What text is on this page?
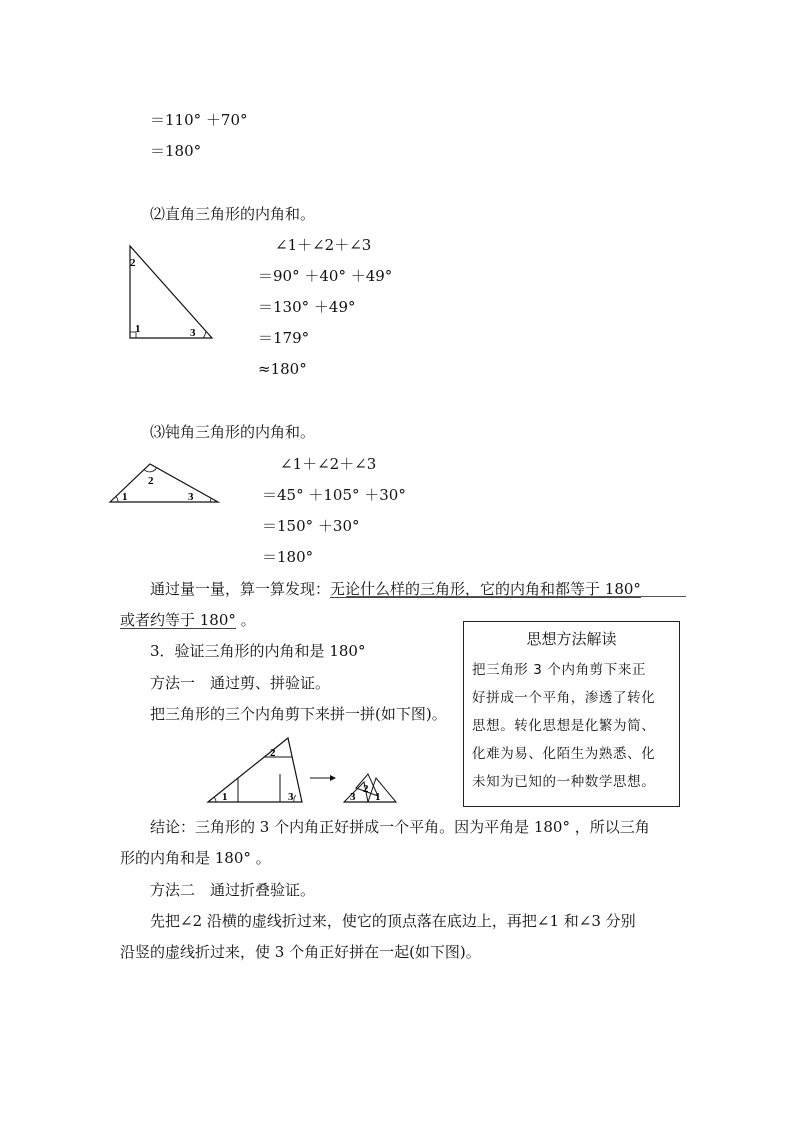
＝110° ＋70°
＝180°
⑵直角三角形的内角和。
2
1	3
∠1＋∠2＋∠3
＝90° ＋40° ＋49°
＝130° ＋49°
＝179°
≈180°
⑶钝角三角形的内角和。
2
1	3
∠1＋∠2＋∠3
＝45° ＋105° ＋30°
＝150° ＋30°
＝180°
通过量一量，算一算发现：无论什么样的三角形，它的内角和都等于 180°
或者约等于 180° 。
3．验证三角形的内角和是 180°
方法一　通过剪、拼验证。
把三角形的三个内角剪下来拼一拼(如下图)。
1
2
3	3
2
1
思想方法解读
把三角形 3 个内角剪下来正
好拼成一个平角，渗透了转化
思想。转化思想是化繁为简、
化难为易、化陌生为熟悉、化
未知为已知的一种数学思想。
结论：三角形的 3 个内角正好拼成一个平角。因为平角是 180° ，所以三角
形的内角和是 180° 。
方法二　通过折叠验证。
先把∠2 沿横的虚线折过来，使它的顶点落在底边上，再把∠1 和∠3 分别
沿竖的虚线折过来，使 3 个角正好拼在一起(如下图)。
